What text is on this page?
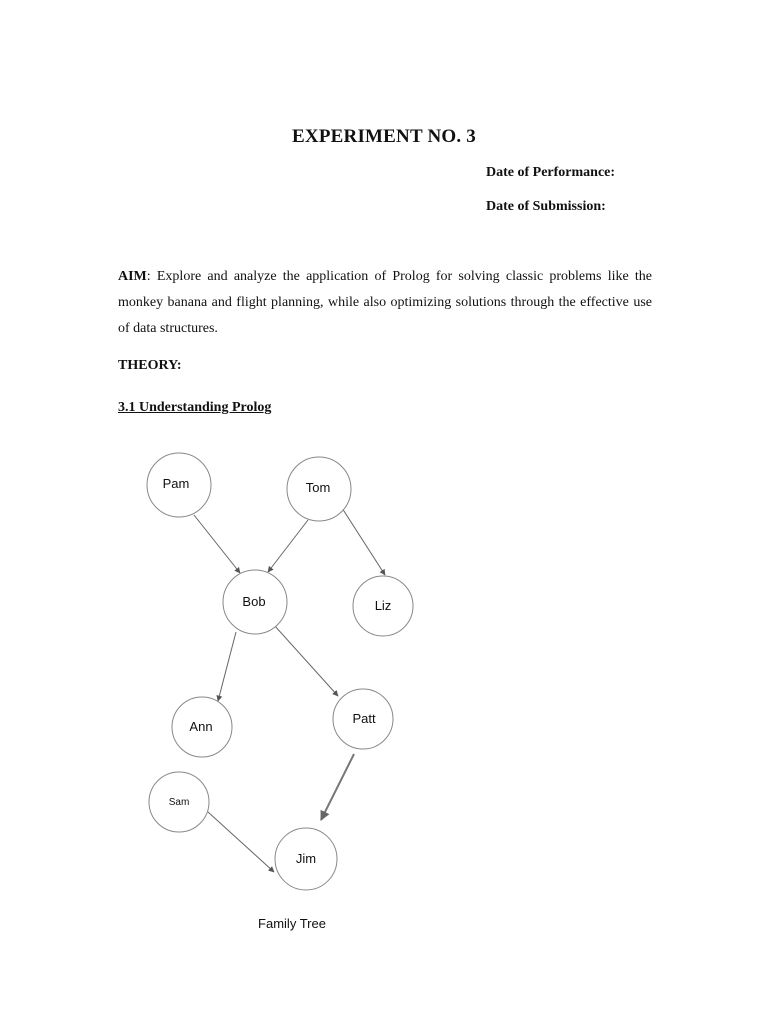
EXPERIMENT NO. 3
Date of Performance:
Date of Submission:
AIM: Explore and analyze the application of Prolog for solving classic problems like the monkey banana and flight planning, while also optimizing solutions through the effective use of data structures.
THEORY:
3.1 Understanding Prolog
Pam	Tom
Bob	Liz
Ann
Patt
Sam
Jim
Family Tree
